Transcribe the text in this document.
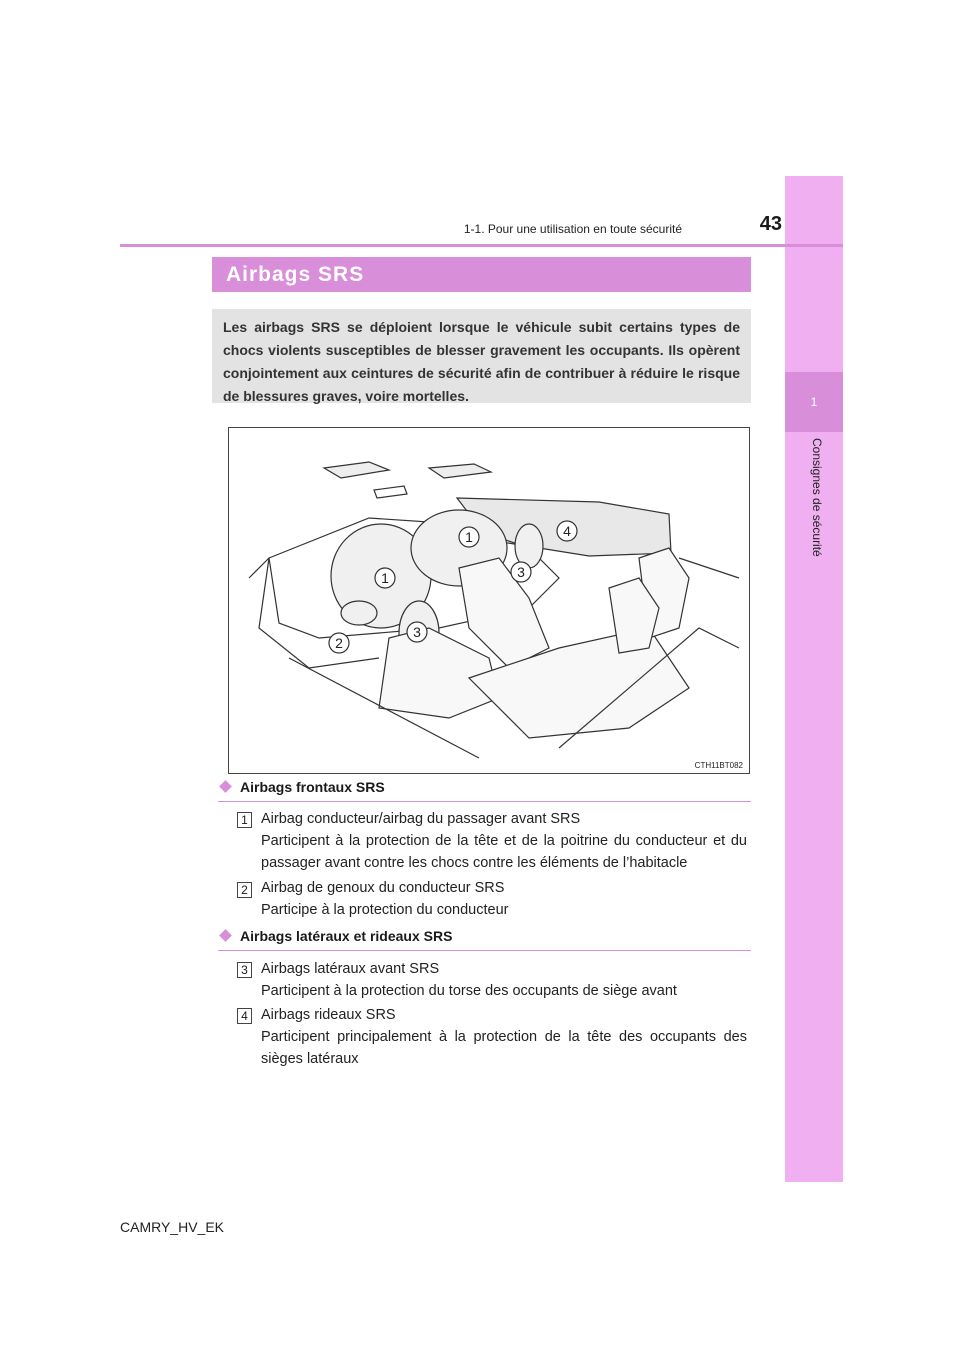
1
Consignes de sécurité
1-1. Pour une utilisation en toute sécurité	43
Airbags SRS
Les airbags SRS se déploient lorsque le véhicule subit certains types de chocs violents susceptibles de blesser gravement les occupants. Ils opèrent conjointement aux ceintures de sécurité afin de contribuer à réduire le risque de blessures graves, voire mortelles.
1
1
2
3
3
4
CTH11BT082
Airbags frontaux SRS
1 Airbag conducteur/airbag du passager avant SRS
Participent à la protection de la tête et de la poitrine du conducteur et du passager avant contre les chocs contre les éléments de l’habitacle
2 Airbag de genoux du conducteur SRS
Participe à la protection du conducteur
Airbags latéraux et rideaux SRS
3 Airbags latéraux avant SRS
Participent à la protection du torse des occupants de siège avant
4 Airbags rideaux SRS
Participent principalement à la protection de la tête des occupants des sièges latéraux
CAMRY_HV_EK
